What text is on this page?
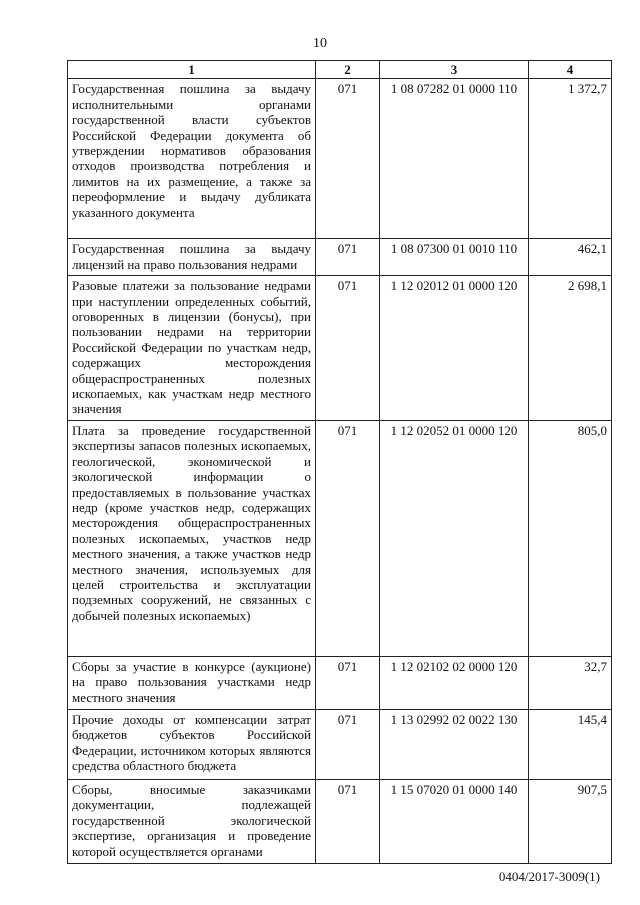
10
1	2	3	4
Государственная пошлина за выдачу исполнительными органами государственной власти субъектов Российской Федерации документа об утверждении нормативов образования отходов производства потребления и лимитов на их размещение, а также за переоформление и выдачу дубликата указанного документа	071	1 08 07282 01 0000 110	1 372,7
Государственная пошлина за выдачу лицензий на право пользования недрами	071	1 08 07300 01 0010 110	462,1
Разовые платежи за пользование недрами при наступлении определенных событий, оговоренных в лицензии (бонусы), при пользовании недрами на территории Российской Федерации по участкам недр, содержащих месторождения общераспространенных полезных ископаемых, как участкам недр местного значения	071	1 12 02012 01 0000 120	2 698,1
Плата за проведение государственной экспертизы запасов полезных ископаемых, геологической, экономической и экологической информации о предоставляемых в пользование участках недр (кроме участков недр, содержащих месторождения общераспространенных полезных ископаемых, участков недр местного значения, а также участков недр местного значения, используемых для целей строительства и эксплуатации подземных сооружений, не связанных с добычей полезных ископаемых)	071	1 12 02052 01 0000 120	805,0
Сборы за участие в конкурсе (аукционе) на право пользования участками недр местного значения	071	1 12 02102 02 0000 120	32,7
Прочие доходы от компенсации затрат бюджетов субъектов Российской Федерации, источником которых являются средства областного бюджета	071	1 13 02992 02 0022 130	145,4
Сборы, вносимые заказчиками документации, подлежащей государственной экологической экспертизе, организация и проведение которой осуществляется органами	071	1 15 07020 01 0000 140	907,5
0404/2017-3009(1)
